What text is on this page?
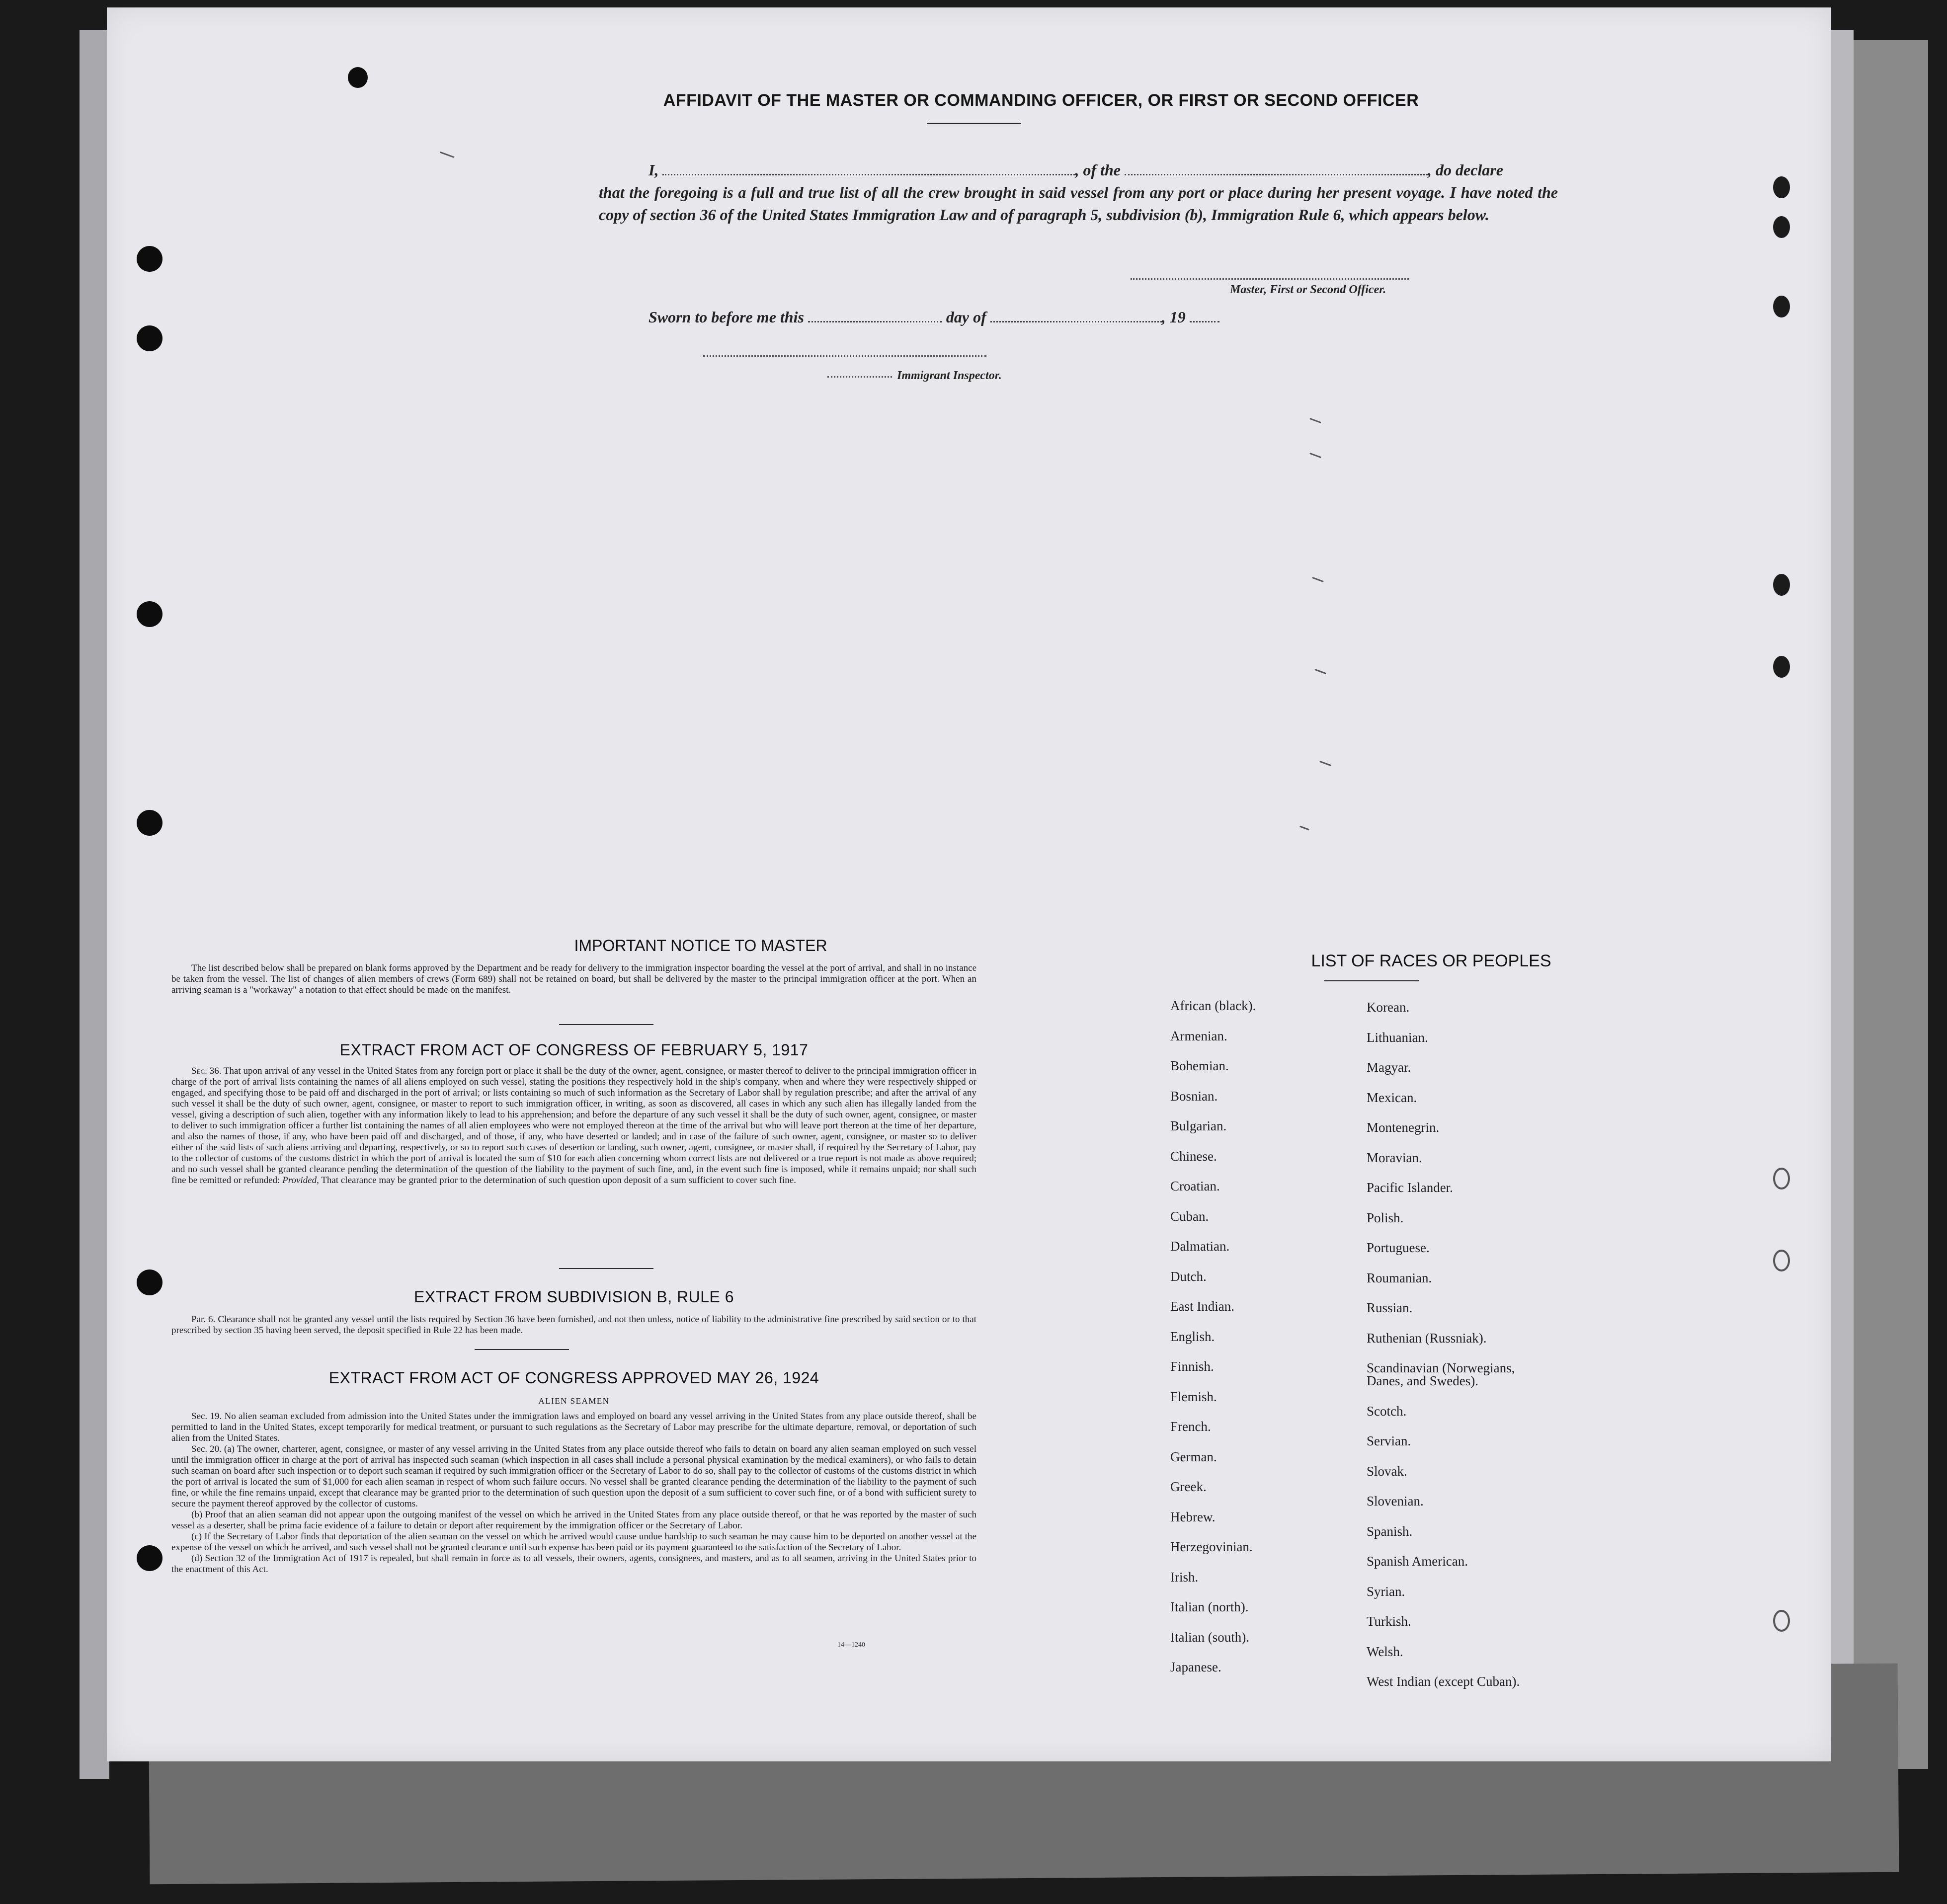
AFFIDAVIT OF THE MASTER OR COMMANDING OFFICER, OR FIRST OR SECOND OFFICER
I,	, of the	, do declare
that the foregoing is a full and true list of all the crew brought in said vessel from any port or place during her present voyage. I have noted the copy of section 36 of the United States Immigration Law and of paragraph 5, subdivision (b), Immigration Rule 6, which appears below.
Master, First or Second Officer.
Sworn to before me this	day of	, 19
Immigrant Inspector.
IMPORTANT NOTICE TO MASTER

The list described below shall be prepared on blank forms approved by the Department and be ready for delivery to the immigration inspector boarding the vessel at the port of arrival, and shall in no instance be taken from the vessel. The list of changes of alien members of crews (Form 689) shall not be retained on board, but shall be delivered by the master to the principal immigration officer at the port. When an arriving seaman is a "workaway" a notation to that effect should be made on the manifest.

EXTRACT FROM ACT OF CONGRESS OF FEBRUARY 5, 1917

Sec. 36. That upon arrival of any vessel in the United States from any foreign port or place it shall be the duty of the owner, agent, consignee, or master thereof to deliver to the principal immigration officer in charge of the port of arrival lists containing the names of all aliens employed on such vessel, stating the positions they respectively hold in the ship's company, when and where they were respectively shipped or engaged, and specifying those to be paid off and discharged in the port of arrival; or lists containing so much of such information as the Secretary of Labor shall by regulation prescribe; and after the arrival of any such vessel it shall be the duty of such owner, agent, consignee, or master to report to such immigration officer, in writing, as soon as discovered, all cases in which any such alien has illegally landed from the vessel, giving a description of such alien, together with any information likely to lead to his apprehension; and before the departure of any such vessel it shall be the duty of such owner, agent, consignee, or master to deliver to such immigration officer a further list containing the names of all alien employees who were not employed thereon at the time of the arrival but who will leave port thereon at the time of her departure, and also the names of those, if any, who have been paid off and discharged, and of those, if any, who have deserted or landed; and in case of the failure of such owner, agent, consignee, or master so to deliver either of the said lists of such aliens arriving and departing, respectively, or so to report such cases of desertion or landing, such owner, agent, consignee, or master shall, if required by the Secretary of Labor, pay to the collector of customs of the customs district in which the port of arrival is located the sum of $10 for each alien concerning whom correct lists are not delivered or a true report is not made as above required; and no such vessel shall be granted clearance pending the determination of the question of the liability to the payment of such fine, and, in the event such fine is imposed, while it remains unpaid; nor shall such fine be remitted or refunded: Provided, That clearance may be granted prior to the determination of such question upon deposit of a sum sufficient to cover such fine.

EXTRACT FROM SUBDIVISION B, RULE 6

Par. 6. Clearance shall not be granted any vessel until the lists required by Section 36 have been furnished, and not then unless, notice of liability to the administrative fine prescribed by said section or to that prescribed by section 35 having been served, the deposit specified in Rule 22 has been made.

EXTRACT FROM ACT OF CONGRESS APPROVED MAY 26, 1924
ALIEN SEAMEN

Sec. 19. No alien seaman excluded from admission into the United States under the immigration laws and employed on board any vessel arriving in the United States from any place outside thereof, shall be permitted to land in the United States, except temporarily for medical treatment, or pursuant to such regulations as the Secretary of Labor may prescribe for the ultimate departure, removal, or deportation of such alien from the United States.

Sec. 20. (a) The owner, charterer, agent, consignee, or master of any vessel arriving in the United States from any place outside thereof who fails to detain on board any alien seaman employed on such vessel until the immigration officer in charge at the port of arrival has inspected such seaman (which inspection in all cases shall include a personal physical examination by the medical examiners), or who fails to detain such seaman on board after such inspection or to deport such seaman if required by such immigration officer or the Secretary of Labor to do so, shall pay to the collector of customs of the customs district in which the port of arrival is located the sum of $1,000 for each alien seaman in respect of whom such failure occurs. No vessel shall be granted clearance pending the determination of the liability to the payment of such fine, or while the fine remains unpaid, except that clearance may be granted prior to the determination of such question upon the deposit of a sum sufficient to cover such fine, or of a bond with sufficient surety to secure the payment thereof approved by the collector of customs.

(b) Proof that an alien seaman did not appear upon the outgoing manifest of the vessel on which he arrived in the United States from any place outside thereof, or that he was reported by the master of such vessel as a deserter, shall be prima facie evidence of a failure to detain or deport after requirement by the immigration officer or the Secretary of Labor.

(c) If the Secretary of Labor finds that deportation of the alien seaman on the vessel on which he arrived would cause undue hardship to such seaman he may cause him to be deported on another vessel at the expense of the vessel on which he arrived, and such vessel shall not be granted clearance until such expense has been paid or its payment guaranteed to the satisfaction of the Secretary of Labor.

(d) Section 32 of the Immigration Act of 1917 is repealed, but shall remain in force as to all vessels, their owners, agents, consignees, and masters, and as to all seamen, arriving in the United States prior to the enactment of this Act.

14—1240
LIST OF RACES OR PEOPLES
African (black).
Armenian.
Bohemian.
Bosnian.
Bulgarian.
Chinese.
Croatian.
Cuban.
Dalmatian.
Dutch.
East Indian.
English.
Finnish.
Flemish.
French.
German.
Greek.
Hebrew.
Herzegovinian.
Irish.
Italian (north).
Italian (south).
Japanese.
Korean.
Lithuanian.
Magyar.
Mexican.
Montenegrin.
Moravian.
Pacific Islander.
Polish.
Portuguese.
Roumanian.
Russian.
Ruthenian (Russniak).
Scandinavian (Norwegians,
Danes, and Swedes).
Scotch.
Servian.
Slovak.
Slovenian.
Spanish.
Spanish American.
Syrian.
Turkish.
Welsh.
West Indian (except Cuban).
